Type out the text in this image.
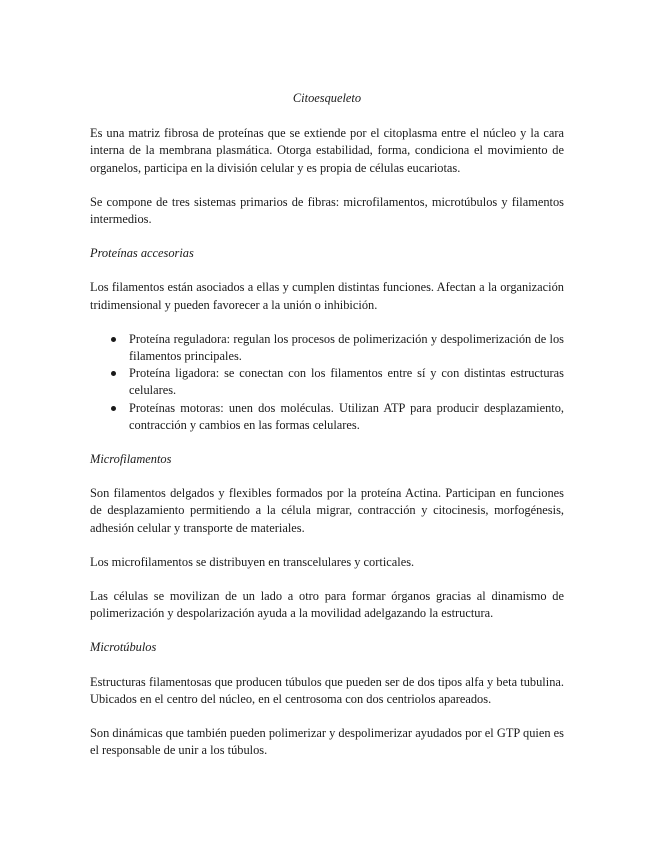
Citoesqueleto

Es una matriz fibrosa de proteínas que se extiende por el citoplasma entre el núcleo y la cara interna de la membrana plasmática. Otorga estabilidad, forma, condiciona el movimiento de organelos, participa en la división celular y es propia de células eucariotas.

Se compone de tres sistemas primarios de fibras: microfilamentos, microtúbulos y filamentos intermedios.

Proteínas accesorias

Los filamentos están asociados a ellas y cumplen distintas funciones. Afectan a la organización tridimensional y pueden favorecer a la unión o inhibición.

Proteína reguladora: regulan los procesos de polimerización y despolimerización de los filamentos principales.
Proteína ligadora: se conectan con los filamentos entre sí y con distintas estructuras celulares.
Proteínas motoras: unen dos moléculas. Utilizan ATP para producir desplazamiento, contracción y cambios en las formas celulares.

Microfilamentos

Son filamentos delgados y flexibles formados por la proteína Actina. Participan en funciones de desplazamiento permitiendo a la célula migrar, contracción y citocinesis, morfogénesis, adhesión celular y transporte de materiales.

Los microfilamentos se distribuyen en transcelulares y corticales.

Las células se movilizan de un lado a otro para formar órganos gracias al dinamismo de polimerización y despolarización ayuda a la movilidad adelgazando la estructura.

Microtúbulos

Estructuras filamentosas que producen túbulos que pueden ser de dos tipos alfa y beta tubulina. Ubicados en el centro del núcleo, en el centrosoma con dos centriolos apareados.

Son dinámicas que también pueden polimerizar y despolimerizar ayudados por el GTP quien es el responsable de unir a los túbulos.
